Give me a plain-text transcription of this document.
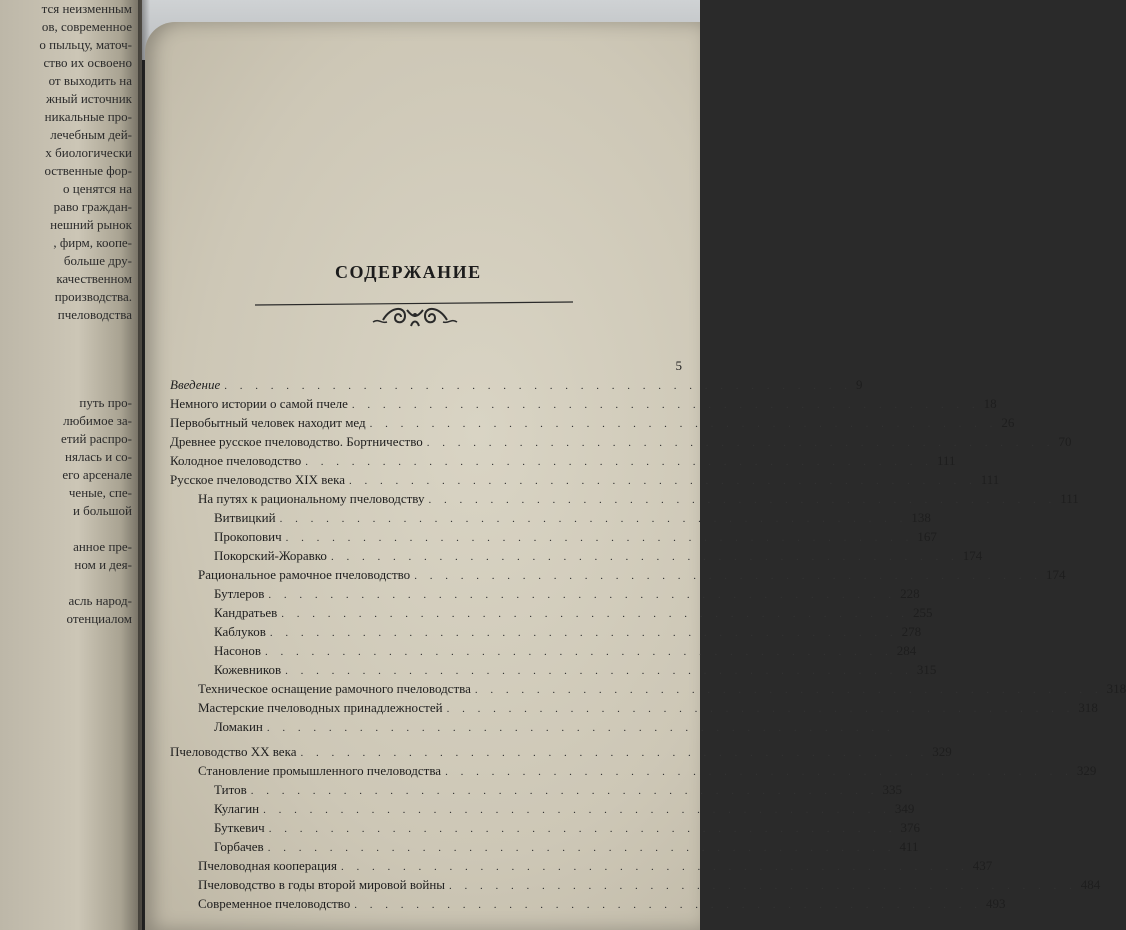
тся неизменным
ов, современное
о пыльцу, маточ-
ство их освоено
от выходить на
жный источник
никальные про-
лечебным дей-
х биологически
оственные фор-
о ценятся на
раво граждан-
нешний рынок
, фирм, коопе-
больше дру-
качественном
производства.
пчеловодства
путь про-
любимое за-
етий распро-
нялась и со-
его арсенале
ченые, спе-
и большой
анное пре-
ном и дея-
асль народ-
отенциалом
СОДЕРЖАНИЕ
5
Введение . . . . . . . . . . . . . . . . . . . . . . . . . . . . . . . . . . . . . . . . . 9
Немного истории о самой пчеле . . . . . . . . . . . . . . . . . . . . . . . . . . . . . . . . . . . . . . . . . 18
Первобытный человек находит мед . . . . . . . . . . . . . . . . . . . . . . . . . . . . . . . . . . . . . . . . . 26
Древнее русское пчеловодство. Бортничество . . . . . . . . . . . . . . . . . . . . . . . . . . . . . . . . . . . . . . . . . 70
Колодное пчеловодство . . . . . . . . . . . . . . . . . . . . . . . . . . . . . . . . . . . . . . . . . 111
Русское пчеловодство XIX века . . . . . . . . . . . . . . . . . . . . . . . . . . . . . . . . . . . . . . . . . 111
На путях к рациональному пчеловодству . . . . . . . . . . . . . . . . . . . . . . . . . . . . . . . . . . . . . . . . . 111
Витвицкий . . . . . . . . . . . . . . . . . . . . . . . . . . . . . . . . . . . . . . . . . 138
Прокопович . . . . . . . . . . . . . . . . . . . . . . . . . . . . . . . . . . . . . . . . . 167
Покорский-Жоравко . . . . . . . . . . . . . . . . . . . . . . . . . . . . . . . . . . . . . . . . . 174
Рациональное рамочное пчеловодство . . . . . . . . . . . . . . . . . . . . . . . . . . . . . . . . . . . . . . . . . 174
Бутлеров . . . . . . . . . . . . . . . . . . . . . . . . . . . . . . . . . . . . . . . . . 228
Кандратьев . . . . . . . . . . . . . . . . . . . . . . . . . . . . . . . . . . . . . . . . . 255
Каблуков . . . . . . . . . . . . . . . . . . . . . . . . . . . . . . . . . . . . . . . . . 278
Насонов . . . . . . . . . . . . . . . . . . . . . . . . . . . . . . . . . . . . . . . . . 284
Кожевников . . . . . . . . . . . . . . . . . . . . . . . . . . . . . . . . . . . . . . . . . 315
Техническое оснащение рамочного пчеловодства . . . . . . . . . . . . . . . . . . . . . . . . . . . . . . . . . . . . . . . . . 318
Мастерские пчеловодных принадлежностей . . . . . . . . . . . . . . . . . . . . . . . . . . . . . . . . . . . . . . . . . 318
Ломакин . . . . . . . . . . . . . . . . . . . . . . . . . . . . . . . . . . . . . . . . .
Пчеловодство XX века . . . . . . . . . . . . . . . . . . . . . . . . . . . . . . . . . . . . . . . . . 329
Становление промышленного пчеловодства . . . . . . . . . . . . . . . . . . . . . . . . . . . . . . . . . . . . . . . . . 329
Титов . . . . . . . . . . . . . . . . . . . . . . . . . . . . . . . . . . . . . . . . . 335
Кулагин . . . . . . . . . . . . . . . . . . . . . . . . . . . . . . . . . . . . . . . . . 349
Буткевич . . . . . . . . . . . . . . . . . . . . . . . . . . . . . . . . . . . . . . . . . 376
Горбачев . . . . . . . . . . . . . . . . . . . . . . . . . . . . . . . . . . . . . . . . . 411
Пчеловодная кооперация . . . . . . . . . . . . . . . . . . . . . . . . . . . . . . . . . . . . . . . . . 437
Пчеловодство в годы второй мировой войны . . . . . . . . . . . . . . . . . . . . . . . . . . . . . . . . . . . . . . . . . 484
Современное пчеловодство . . . . . . . . . . . . . . . . . . . . . . . . . . . . . . . . . . . . . . . . . 493
